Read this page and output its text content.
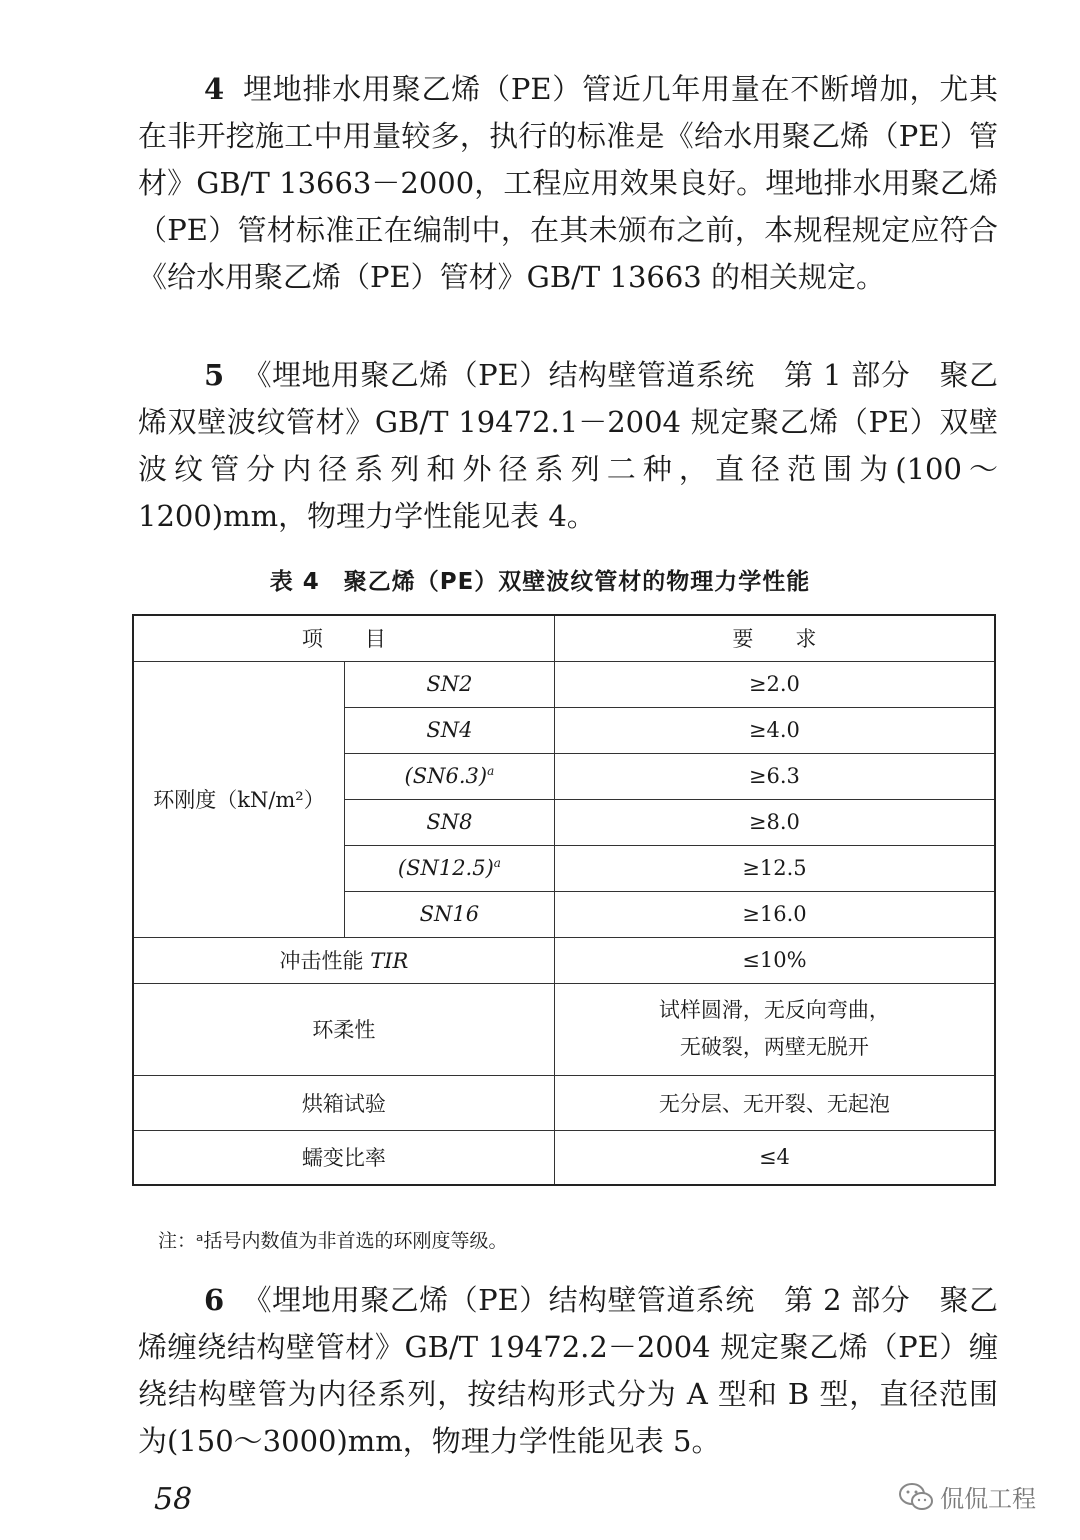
4 埋地排水用聚乙烯（PE）管近几年用量在不断增加，尤其在非开挖施工中用量较多，执行的标准是《给水用聚乙烯（PE）管材》GB/T 13663－2000，工程应用效果良好。埋地排水用聚乙烯（PE）管材标准正在编制中，在其未颁布之前，本规程规定应符合《给水用聚乙烯（PE）管材》GB/T 13663 的相关规定。

5 《埋地用聚乙烯（PE）结构壁管道系统　第 1 部分　聚乙烯双壁波纹管材》GB/T 19472.1－2004 规定聚乙烯（PE）双壁波纹管分内径系列和外径系列二种，直径范围为(100～1200)mm，物理力学性能见表 4。

表 4　聚乙烯（PE）双壁波纹管材的物理力学性能
项　　目		要　　求
环刚度（kN/m²）	SN2	≥2.0
	SN4	≥4.0
	$(SN6.3)^a$	≥6.3
	SN8	≥8.0
	$(SN12.5)^a$	≥12.5
	SN16	≥16.0
冲击性能 TIR		≤10%
环柔性		试样圆滑，无反向弯曲，
无破裂，两壁无脱开

烘箱试验		无分层、无开裂、无起泡
蠕变比率		≤4
注：ᵃ括号内数值为非首选的环刚度等级。

6 《埋地用聚乙烯（PE）结构壁管道系统　第 2 部分　聚乙烯缠绕结构壁管材》GB/T 19472.2－2004 规定聚乙烯（PE）缠绕结构壁管为内径系列，按结构形式分为 A 型和 B 型，直径范围为(150～3000)mm，物理力学性能见表 5。

58	侃侃工程
